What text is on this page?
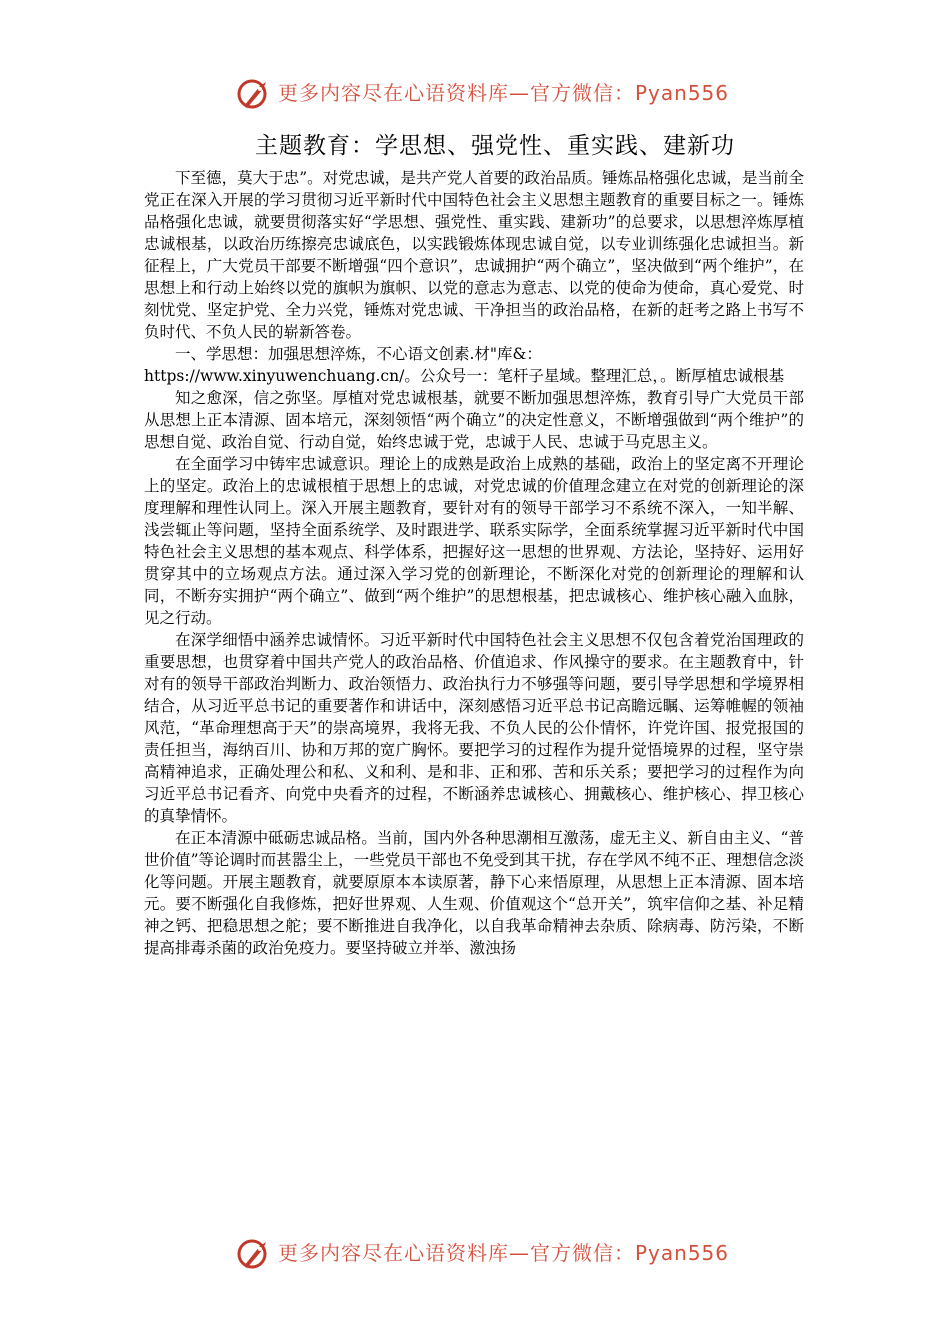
更多内容尽在心语资料库—官方微信：Pyan556
主题教育：学思想、强党性、重实践、建新功

下至德，莫大于忠”。对党忠诚，是共产党人首要的政治品质。锤炼品格强化忠诚，是当前全党正在深入开展的学习贯彻习近平新时代中国特色社会主义思想主题教育的重要目标之一。锤炼品格强化忠诚，就要贯彻落实好“学思想、强党性、重实践、建新功”的总要求，以思想淬炼厚植忠诚根基，以政治历练擦亮忠诚底色，以实践锻炼体现忠诚自觉，以专业训练强化忠诚担当。新征程上，广大党员干部要不断增强“四个意识”，忠诚拥护“两个确立”，坚决做到“两个维护”，在思想上和行动上始终以党的旗帜为旗帜、以党的意志为意志、以党的使命为使命，真心爱党、时刻忧党、坚定护党、全力兴党，锤炼对党忠诚、干净担当的政治品格，在新的赶考之路上书写不负时代、不负人民的崭新答卷。

一、学思想：加强思想淬炼，不心语文创素.材"库&：https://www.xinyuwenchuang.cn/。公众号一：笔杆子星域。整理汇总，。断厚植忠诚根基

知之愈深，信之弥坚。厚植对党忠诚根基，就要不断加强思想淬炼，教育引导广大党员干部从思想上正本清源、固本培元，深刻领悟“两个确立”的决定性意义，不断增强做到“两个维护”的思想自觉、政治自觉、行动自觉，始终忠诚于党，忠诚于人民、忠诚于马克思主义。

在全面学习中铸牢忠诚意识。理论上的成熟是政治上成熟的基础，政治上的坚定离不开理论上的坚定。政治上的忠诚根植于思想上的忠诚，对党忠诚的价值理念建立在对党的创新理论的深度理解和理性认同上。深入开展主题教育，要针对有的领导干部学习不系统不深入，一知半解、浅尝辄止等问题，坚持全面系统学、及时跟进学、联系实际学，全面系统掌握习近平新时代中国特色社会主义思想的基本观点、科学体系，把握好这一思想的世界观、方法论，坚持好、运用好贯穿其中的立场观点方法。通过深入学习党的创新理论，不断深化对党的创新理论的理解和认同，不断夯实拥护“两个确立”、做到“两个维护”的思想根基，把忠诚核心、维护核心融入血脉，见之行动。

在深学细悟中涵养忠诚情怀。习近平新时代中国特色社会主义思想不仅包含着党治国理政的重要思想，也贯穿着中国共产党人的政治品格、价值追求、作风操守的要求。在主题教育中，针对有的领导干部政治判断力、政治领悟力、政治执行力不够强等问题，要引导学思想和学境界相结合，从习近平总书记的重要著作和讲话中，深刻感悟习近平总书记高瞻远瞩、运筹帷幄的领袖风范，“革命理想高于天”的崇高境界，我将无我、不负人民的公仆情怀，许党许国、报党报国的责任担当，海纳百川、协和万邦的宽广胸怀。要把学习的过程作为提升觉悟境界的过程，坚守崇高精神追求，正确处理公和私、义和利、是和非、正和邪、苦和乐关系；要把学习的过程作为向习近平总书记看齐、向党中央看齐的过程，不断涵养忠诚核心、拥戴核心、维护核心、捍卫核心的真挚情怀。

在正本清源中砥砺忠诚品格。当前，国内外各种思潮相互激荡，虚无主义、新自由主义、“普世价值”等论调时而甚嚣尘上，一些党员干部也不免受到其干扰，存在学风不纯不正、理想信念淡化等问题。开展主题教育，就要原原本本读原著，静下心来悟原理，从思想上正本清源、固本培元。要不断强化自我修炼，把好世界观、人生观、价值观这个“总开关”，筑牢信仰之基、补足精神之钙、把稳思想之舵；要不断推进自我净化，以自我革命精神去杂质、除病毒、防污染，不断提高排毒杀菌的政治免疫力。要坚持破立并举、激浊扬

更多内容尽在心语资料库—官方微信：Pyan556
